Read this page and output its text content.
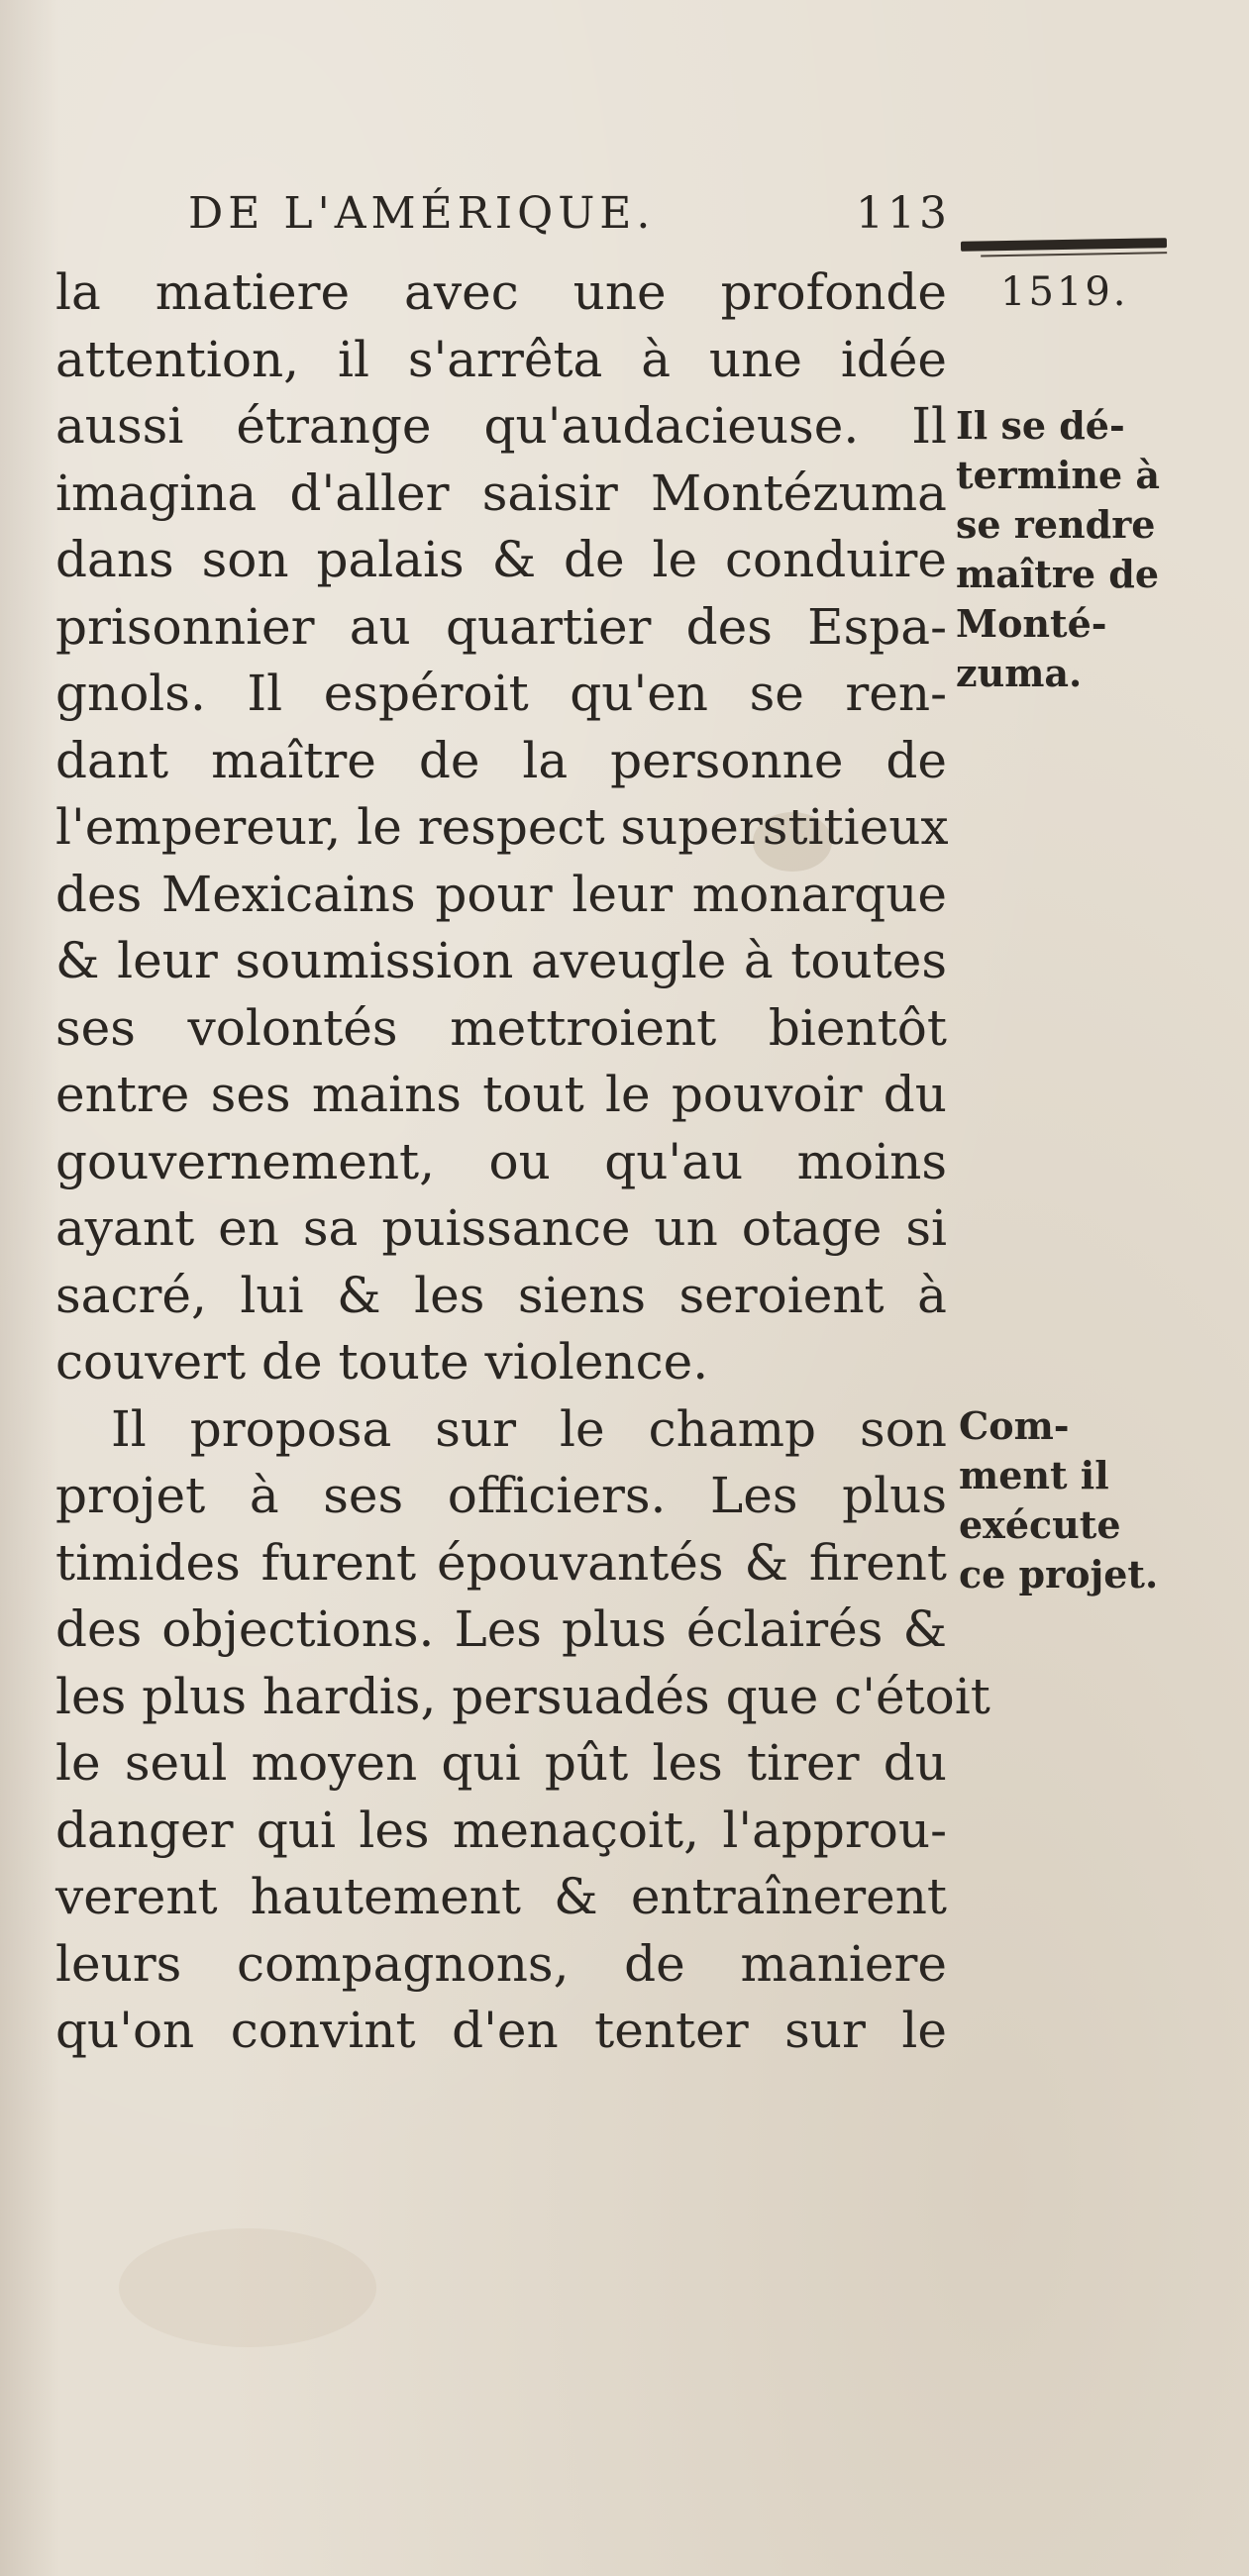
DE L'AMÉRIQUE.	113
1519.
Il se dé-
termine à
se rendre
maître de
Monté-
zuma.
Com-
ment il
exécute
ce projet.
la matiere avec une profonde
attention, il s'arrêta à une idée
aussi étrange qu'audacieuse. Il
imagina d'aller saisir Montézuma
dans son palais & de le conduire
prisonnier au quartier des Espa-
gnols. Il espéroit qu'en se ren-
dant maître de la personne de
l'empereur, le respect superstitieux
des Mexicains pour leur monarque
& leur soumission aveugle à toutes
ses volontés mettroient bientôt
entre ses mains tout le pouvoir du
gouvernement, ou qu'au moins
ayant en sa puissance un otage si
sacré, lui & les siens seroient à
couvert de toute violence.
Il proposa sur le champ son
projet à ses officiers. Les plus
timides furent épouvantés & firent
des objections. Les plus éclairés &
les plus hardis, persuadés que c'étoit
le seul moyen qui pût les tirer du
danger qui les menaçoit, l'approu-
verent hautement & entraînerent
leurs compagnons, de maniere
qu'on convint d'en tenter sur le
